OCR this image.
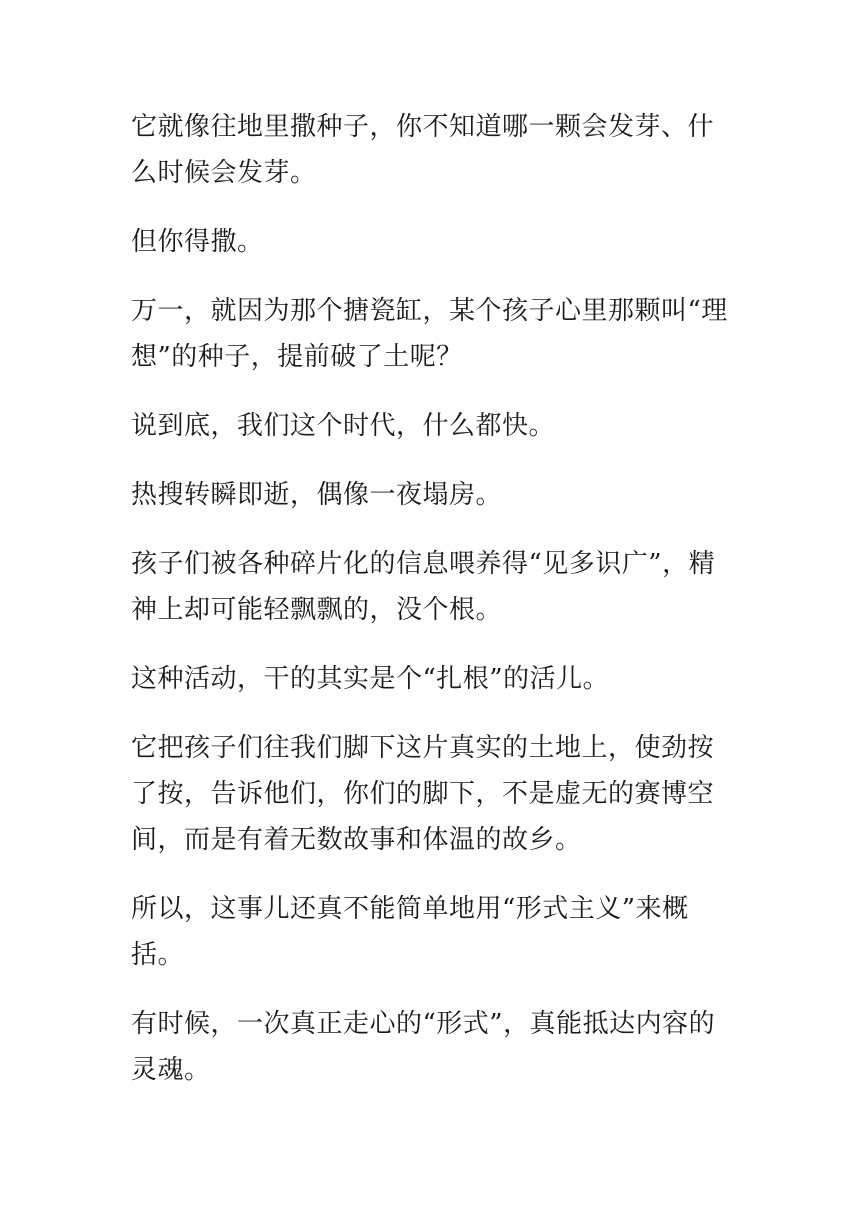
它就像往地里撒种子，你不知道哪一颗会发芽、什么时候会发芽。

但你得撒。

万一，就因为那个搪瓷缸，某个孩子心里那颗叫“理想”的种子，提前破了土呢？

说到底，我们这个时代，什么都快。

热搜转瞬即逝，偶像一夜塌房。

孩子们被各种碎片化的信息喂养得“见多识广”，精神上却可能轻飘飘的，没个根。

这种活动，干的其实是个“扎根”的活儿。

它把孩子们往我们脚下这片真实的土地上，使劲按了按，告诉他们，你们的脚下，不是虚无的赛博空间，而是有着无数故事和体温的故乡。

所以，这事儿还真不能简单地用“形式主义”来概括。

有时候，一次真正走心的“形式”，真能抵达内容的灵魂。
